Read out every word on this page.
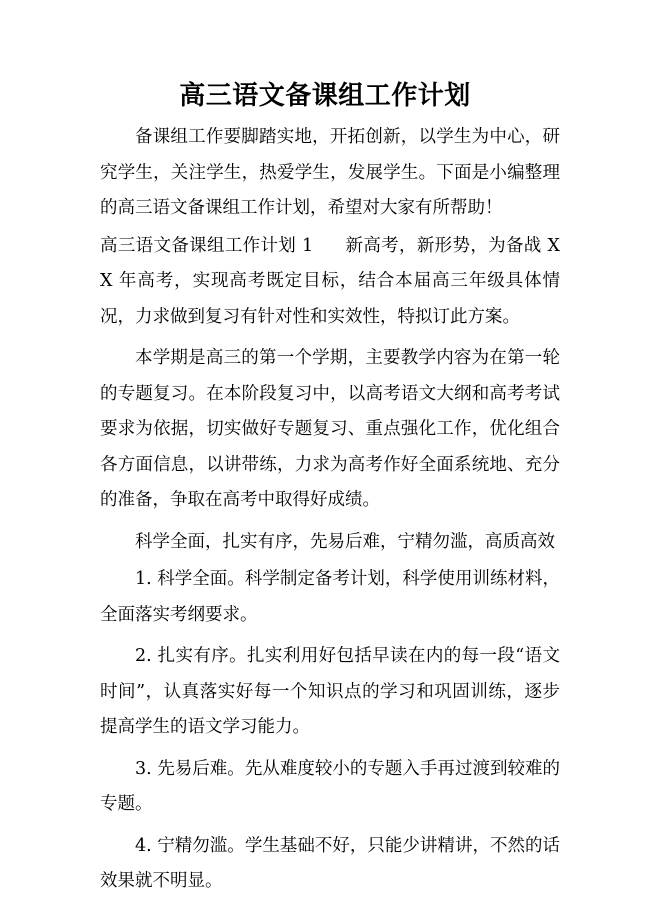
高三语文备课组工作计划

备课组工作要脚踏实地，开拓创新，以学生为中心，研究学生，关注学生，热爱学生，发展学生。下面是小编整理的高三语文备课组工作计划，希望对大家有所帮助！

高三语文备课组工作计划 1 新高考，新形势，为备战 XX 年高考，实现高考既定目标，结合本届高三年级具体情况，力求做到复习有针对性和实效性，特拟订此方案。

本学期是高三的第一个学期，主要教学内容为在第一轮的专题复习。在本阶段复习中，以高考语文大纲和高考考试要求为依据，切实做好专题复习、重点强化工作，优化组合各方面信息，以讲带练，力求为高考作好全面系统地、充分的准备，争取在高考中取得好成绩。

科学全面，扎实有序，先易后难，宁精勿滥，高质高效

1. 科学全面。科学制定备考计划，科学使用训练材料，全面落实考纲要求。

2. 扎实有序。扎实利用好包括早读在内的每一段“语文时间”，认真落实好每一个知识点的学习和巩固训练，逐步提高学生的语文学习能力。

3. 先易后难。先从难度较小的专题入手再过渡到较难的专题。

4. 宁精勿滥。学生基础不好，只能少讲精讲，不然的话效果就不明显。
